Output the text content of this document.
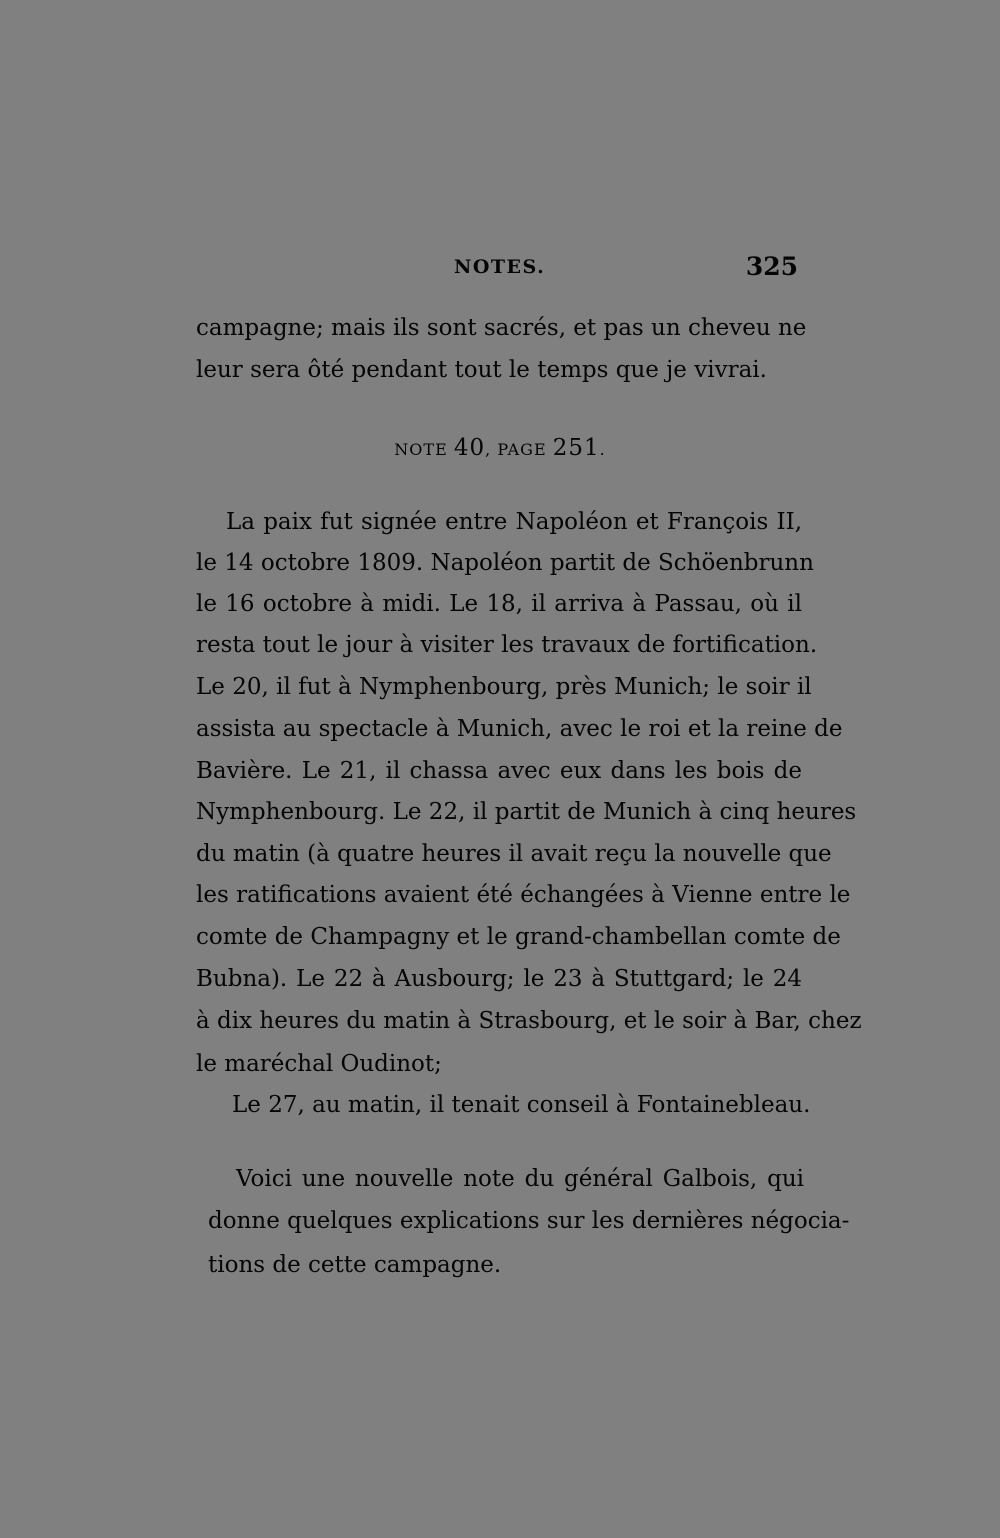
NOTES.	325
campagne; mais ils sont sacrés, et pas un cheveu ne
leur sera ôté pendant tout le temps que je vivrai.
NOTE 40, PAGE 251.
La paix fut signée entre Napoléon et François II,
le 14 octobre 1809. Napoléon partit de Schöenbrunn
le 16 octobre à midi. Le 18, il arriva à Passau, où il
resta tout le jour à visiter les travaux de fortification.
Le 20, il fut à Nymphenbourg, près Munich; le soir il
assista au spectacle à Munich, avec le roi et la reine de
Bavière. Le 21, il chassa avec eux dans les bois de
Nymphenbourg. Le 22, il partit de Munich à cinq heures
du matin (à quatre heures il avait reçu la nouvelle que
les ratifications avaient été échangées à Vienne entre le
comte de Champagny et le grand-chambellan comte de
Bubna). Le 22 à Ausbourg; le 23 à Stuttgard; le 24
à dix heures du matin à Strasbourg, et le soir à Bar, chez
le maréchal Oudinot;
Le 27, au matin, il tenait conseil à Fontainebleau.
Voici une nouvelle note du général Galbois, qui
donne quelques explications sur les dernières négocia-
tions de cette campagne.
